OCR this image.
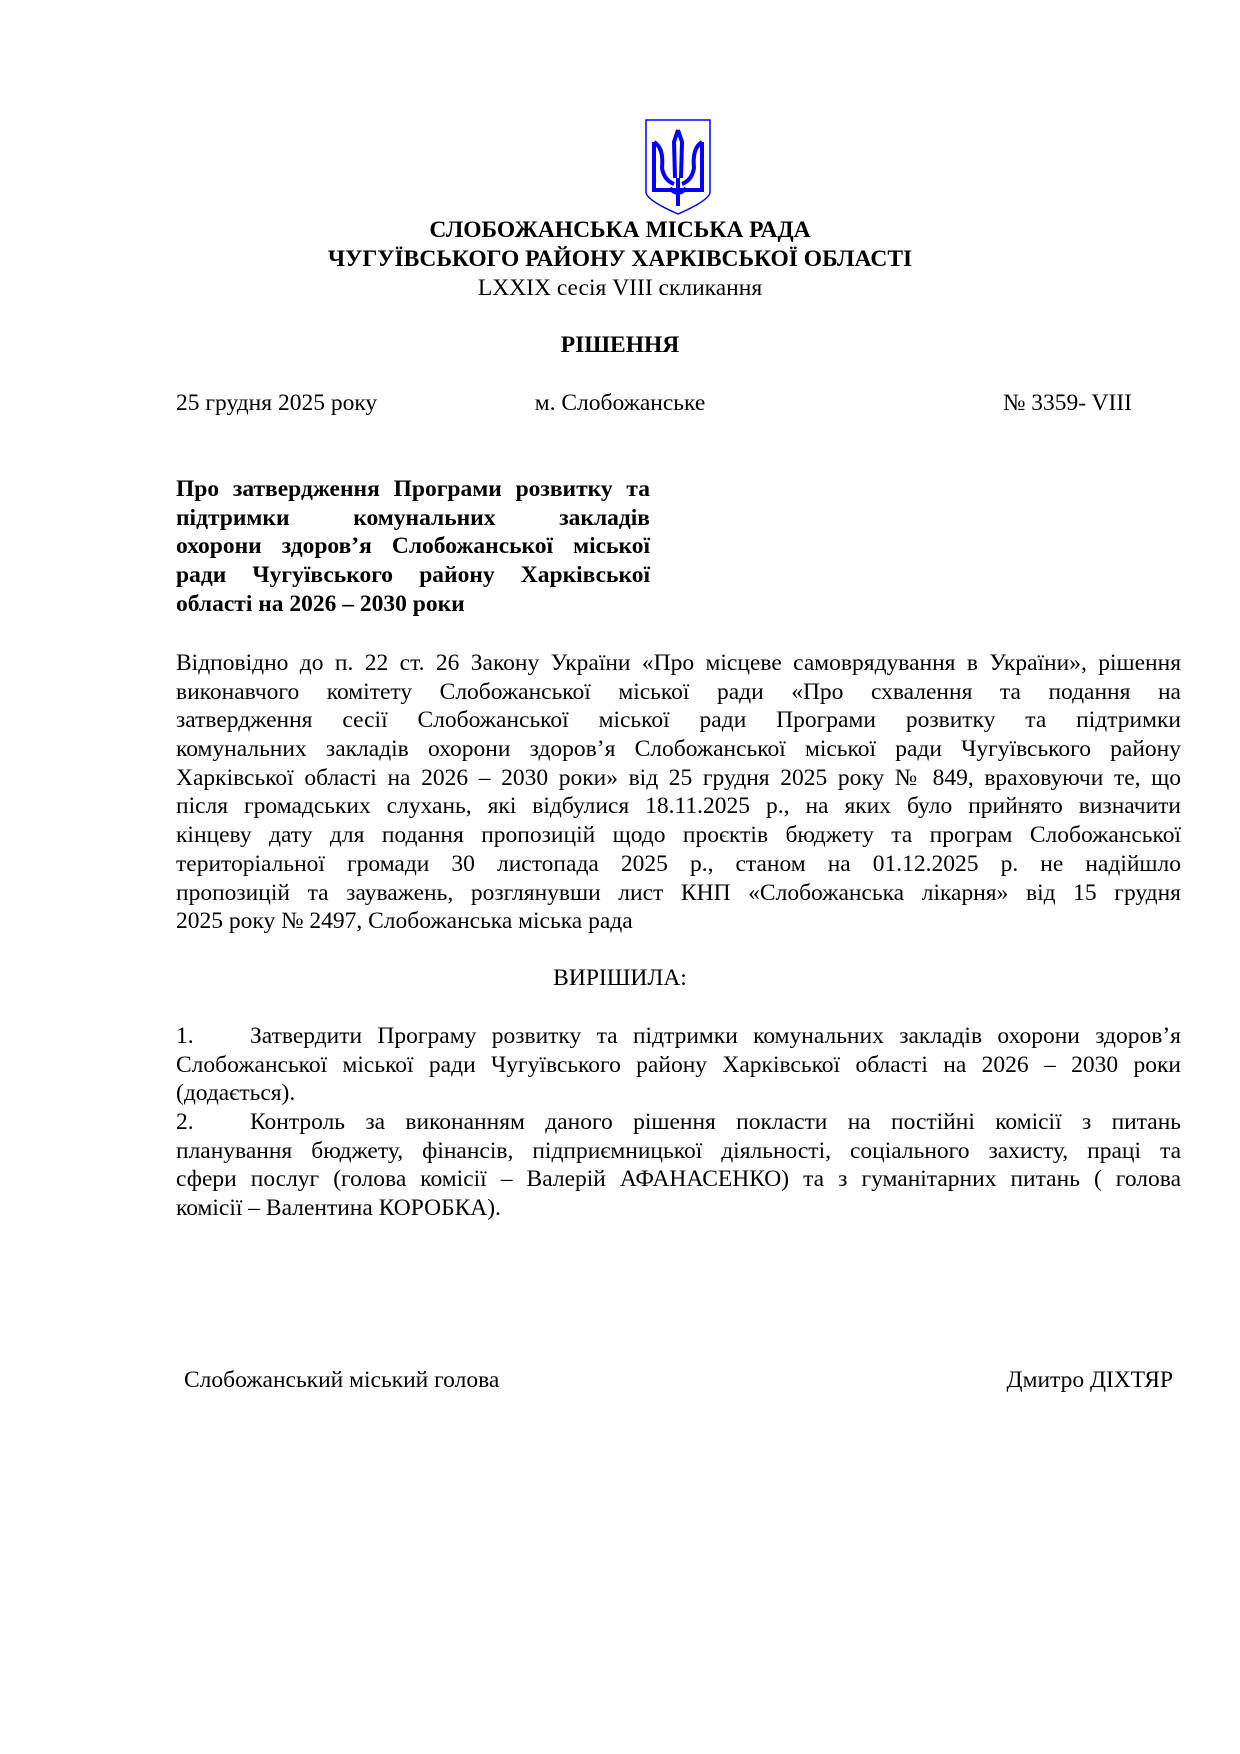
СЛОБОЖАНСЬКА МІСЬКА РАДА
ЧУГУЇВСЬКОГО РАЙОНУ ХАРКІВСЬКОЇ ОБЛАСТІ
LXXIX сесія VIII скликання
РІШЕННЯ
25 грудня 2025 року	м. Слобожанське	№ 3359- VIII
Про затвердження Програми розвитку та
підтримки комунальних закладів
охорони здоров’я Слобожанської міської
ради Чугуївського району Харківської
області на 2026 – 2030 роки
Відповідно до п. 22 ст. 26 Закону України «Про місцеве самоврядування в України», рішення
виконавчого комітету Слобожанської міської ради «Про схвалення та подання на
затвердження сесії Слобожанської міської ради Програми розвитку та підтримки
комунальних закладів охорони здоров’я Слобожанської міської ради Чугуївського району
Харківської області на 2026 – 2030 роки» від 25 грудня 2025 року № 849, враховуючи те, що
після громадських слухань, які відбулися 18.11.2025 р., на яких було прийнято визначити
кінцеву дату для подання пропозицій щодо проєктів бюджету та програм Слобожанської
територіальної громади 30 листопада 2025 р., станом на 01.12.2025 р. не надійшло
пропозицій та зауважень, розглянувши лист КНП «Слобожанська лікарня» від 15 грудня
2025 року № 2497, Слобожанська міська рада
ВИРІШИЛА:
1. Затвердити Програму розвитку та підтримки комунальних закладів охорони здоров’я
Слобожанської міської ради Чугуївського району Харківської області на 2026 – 2030 роки
(додається).
2. Контроль за виконанням даного рішення покласти на постійні комісії з питань
планування бюджету, фінансів, підприємницької діяльності, соціального захисту, праці та
сфери послуг (голова комісії – Валерій АФАНАСЕНКО) та з гуманітарних питань ( голова
комісії – Валентина КОРОБКА).
Слобожанський міський голова	Дмитро ДІХТЯР
